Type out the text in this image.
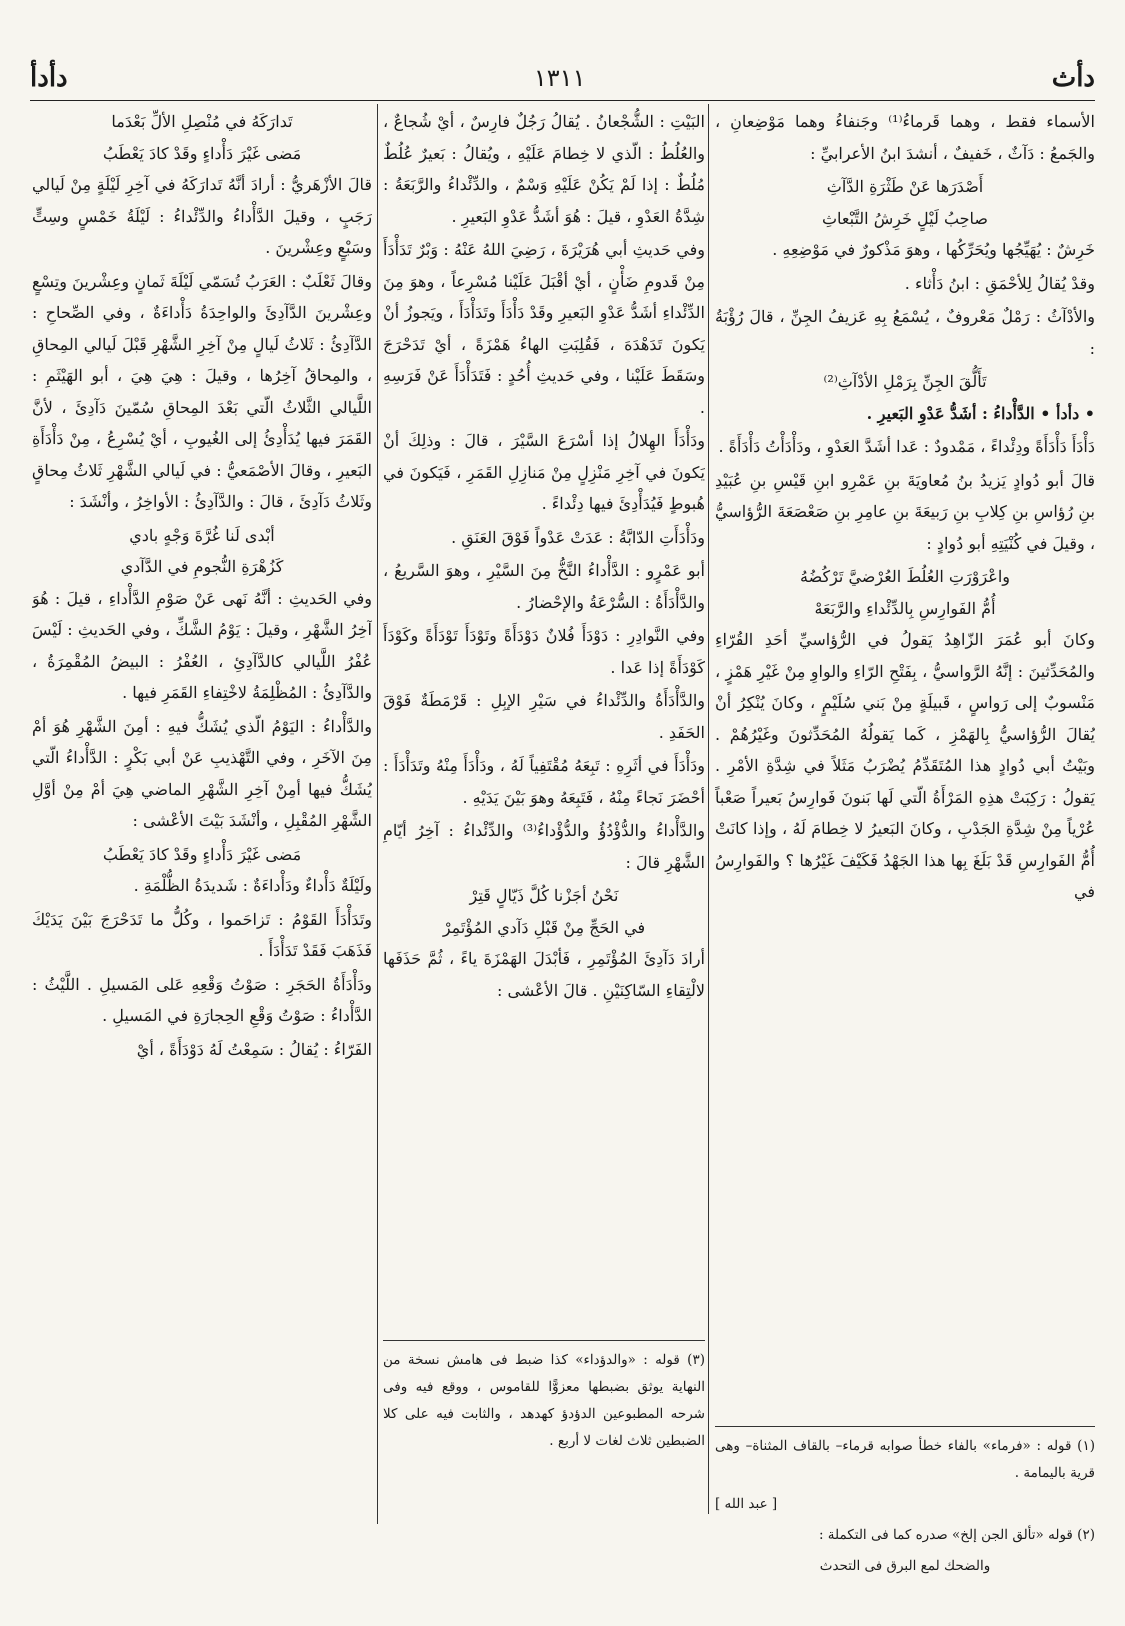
دأث
١٣١١
دأدأ

الأسماء فقط ، وهما قَرماءُ⁽¹⁾ وجَنفاءُ وهما مَوْضِعانِ ، والجَمعُ : دَآثٌ ، خَفيفٌ ، أنشدَ ابنُ الأعرابيِّ :

أَصْدَرَها عَنْ طَثْرَةِ الدَّآثِ

صاحِبُ لَيْلٍ خَرِشُ التَّبْعاثِ

خَرِشٌ : يُهَيِّجُها ويُحَرِّكُها ، وهوَ مَذْكورٌ في مَوْضِعِهِ .

وقدْ يُقالُ لِلأحْمَقِ : ابنُ دَأْثاء .

والأدْآثُ : رَمْلٌ مَعْروفٌ ، يُسْمَعُ بِهِ عَزيفُ الجِنِّ ، قالَ رُؤْبَةُ :

تَأَلُّقَ الجِنِّ بِرَمْلِ الأدْآثِ⁽²⁾

• دأدأ • الدَّأْداءُ : أشَدُّ عَدْوِ البَعيرِ .

دَأْدَأَ دَأْدَأَةً ودِئْداءً ، مَمْدودٌ : عَدا أشَدَّ العَدْوِ ، ودَأْدَأْتُ دَأْدَأَةً .

قالَ أبو دُوادٍ يَزيدُ بنُ مُعاويَةَ بنِ عَمْرِو ابنِ قَيْسِ بنِ عُبَيْدِ بنِ رُؤاسِ بنِ كِلابِ بنِ رَبيعَةَ بنِ عامِرِ بنِ صَعْصَعَةَ الرُّؤاسيُّ ، وقيلَ في كُنْيَتِهِ أبو دُوادٍ :

واعْرَوْرَتِ العُلُطَ العُرْضيَّ تَرْكُضُهُ

أُمُّ الفَوارِسِ بِالدِّئْداءِ والرَّبَعَهْ

وكانَ أبو عُمَرَ الزّاهِدُ يَقولُ في الرُّؤاسيِّ أحَدِ القُرّاءِ والمُحَدِّثينَ : إنَّهُ الرَّواسيُّ ، بِفَتْحِ الرّاءِ والواوِ مِنْ غَيْرِ هَمْزٍ ، مَنْسوبٌ إلى رَواسٍ ، قَبيلَةٍ مِنْ بَني سُلَيْمٍ ، وكانَ يُنْكِرُ أنْ يُقالَ الرُّؤاسيُّ بِالهَمْزِ ، كَما يَقولُهُ المُحَدِّثونَ وغَيْرُهُمْ . وبَيْتُ أبي دُوادٍ هذا المُتَقَدِّمُ يُضْرَبُ مَثَلاً في شِدَّةِ الأمْرِ . يَقولُ : رَكِبَتْ هذِهِ المَرْأَةُ الّتي لَها بَنونَ فَوارِسُ بَعيراً صَعْباً عُرْياً مِنْ شِدَّةِ الجَدْبِ ، وكانَ البَعيرُ لا خِطامَ لَهُ ، وإذا كانَتْ أُمُّ الفَوارِسِ قَدْ بَلَغَ بِها هذا الجَهْدُ فَكَيْفَ غَيْرُها ؟ والفَوارِسُ في

(١) قوله : «فرماء» بالفاء خطأ صوابه قرماء– بالقاف المثناة– وهى قرية باليمامة .

[ عبد الله ]

(٢) قوله «تألق الجن إلخ» صدره كما فى التكملة :

والضحك لمع البرق فى التحدث

البَيْتِ : الشُّجْعانُ . يُقالُ رَجُلٌ فارِسٌ ، أيْ شُجاعٌ ، والعُلُطُ : الّذي لا خِطامَ عَلَيْهِ ، ويُقالُ : بَعيرٌ عُلُطٌ مُلُطٌ : إذا لَمْ يَكُنْ عَلَيْهِ وَسْمٌ ، والدِّئْداءُ والرَّبَعَةُ : شِدَّةُ العَدْوِ ، قيلَ : هُوَ أشَدُّ عَدْوِ البَعيرِ .

وفي حَديثِ أبي هُرَيْرَةَ ، رَضِيَ اللهُ عَنْهُ : وَبْرٌ تَدَأْدَأَ مِنْ قَدومِ ضَأْنٍ ، أيْ أقْبَلَ عَلَيْنا مُسْرِعاً ، وهوَ مِنَ الدِّئْداءِ أشَدُّ عَدْوِ البَعيرِ وقَدْ دَأْدَأَ وتَدَأْدَأَ ، ويَجوزُ أنْ يَكونَ تَدَهْدَهَ ، فَقُلِبَتِ الهاءُ هَمْزَةً ، أيْ تَدَحْرَجَ وسَقَطَ عَلَيْنا ، وفي حَديثِ أُحُدٍ : فَتَدَأْدَأَ عَنْ فَرَسِهِ .

ودَأْدَأَ الهِلالُ إذا أسْرَعَ السَّيْرَ ، قالَ : وذلِكَ أنْ يَكونَ في آخِرِ مَنْزِلٍ مِنْ مَنازِلِ القَمَرِ ، فَيَكونَ في هُبوطٍ فَيُدَأْدِئَ فيها دِئْداءً .

ودَأْدَأَتِ الدّابَّةُ : عَدَتْ عَدْواً فَوْقَ العَنَقِ .

أبو عَمْرٍو : الدَّأْداءُ النَّخُّ مِنَ السَّيْرِ ، وهوَ السَّريعُ ، والدَّأْدَأَةُ : السُّرْعَةُ والإحْضارُ .

وفي النَّوادِرِ : دَوْدَأَ فُلانٌ دَوْدَأَةً وتَوْدَأَ تَوْدَأَةً وكَوْدَأَ كَوْدَأَةً إذا عَدا .

والدَّأْدَأَةُ والدِّئْداءُ في سَيْرِ الإبِلِ : قَرْمَطَةٌ فَوْقَ الحَفَدِ .

ودَأْدَأَ في أثَرِهِ : تَبِعَهُ مُقْتَفِياً لَهُ ، ودَأْدَأَ مِنْهُ وتَدَأْدَأَ : أحْضَرَ نَجاءً مِنْهُ ، فَتَبِعَهُ وهوَ بَيْنَ يَدَيْهِ .

والدَّأْداءُ والدُّؤْدُؤُ والدُّؤْداءُ⁽³⁾ والدِّئْداءُ : آخِرُ أيّامِ الشَّهْرِ قالَ :

نَحْنُ أجَزْنا كُلَّ ذَيّالٍ قَتِرْ

في الحَجِّ مِنْ قَبْلِ دَآدي المُؤْتَمِرْ

أرادَ دَآدِئَ المُؤْتَمِرِ ، فَأبْدَلَ الهَمْزَةَ ياءً ، ثُمَّ حَذَفَها لالْتِقاءِ السّاكِنَيْنِ . قالَ الأعْشى :

(٣) قوله : «والدؤداء» كذا ضبط فى هامش نسخة من النهاية يوثق بضبطها معزوًّا للقاموس ، ووقع فيه وفى شرحه المطبوعين الدؤدؤ كهدهد ، والثابت فيه على كلا الضبطين ثلاث لغات لا أربع .

تَدارَكَهُ في مُنْصِلِ الألِّ بَعْدَما

مَضى غَيْرَ دَأْداءٍ وقَدْ كادَ يَعْطَبُ

قالَ الأزْهَريُّ : أرادَ أنَّهُ تَدارَكَهُ في آخِرِ لَيْلَةٍ مِنْ لَيالي رَجَبٍ ، وقيلَ الدَّأْداءُ والدِّئْداءُ : لَيْلَةُ خَمْسٍ وسِتٍّ وسَبْعٍ وعِشْرينَ .

وقالَ ثَعْلَبٌ : العَرَبُ تُسَمّي لَيْلَةَ ثَمانٍ وعِشْرينَ وتِسْعٍ وعِشْرينَ الدَّآدِئَ والواحِدَةُ دَأْداءَةٌ ، وفي الصِّحاحِ : الدَّآدِئُ : ثَلاثُ لَيالٍ مِنْ آخِرِ الشَّهْرِ قَبْلَ لَيالي المِحاقِ ، والمِحاقُ آخِرُها ، وقيلَ : هِيَ هِيَ ، أبو الهَيْثَمِ : اللَّيالي الثَّلاثُ الّتي بَعْدَ المِحاقِ سُمّينَ دَآدِئَ ، لأنَّ القَمَرَ فيها يُدَأْدِئُ إلى الغُيوبِ ، أيْ يُسْرِعُ ، مِنْ دَأْدَأَةِ البَعيرِ ، وقالَ الأصْمَعيُّ : في لَيالي الشَّهْرِ ثَلاثُ مِحاقٍ وثَلاثُ دَآدِئَ ، قالَ : والدَّآدِئُ : الأواخِرُ ، وأنْشَدَ :

أبْدى لَنا غُرَّةَ وَجْهٍ بادي

كَزُهْرَةِ النُّجومِ في الدَّآدي

وفي الحَديثِ : أنَّهُ نَهى عَنْ صَوْمِ الدَّأْداءِ ، قيلَ : هُوَ آخِرُ الشَّهْرِ ، وقيلَ : يَوْمُ الشَّكِّ ، وفي الحَديثِ : لَيْسَ عُفْرُ اللَّيالي كالدَّآدِئِ ، العُفْرُ : البيضُ المُقْمِرَةُ ، والدَّآدِئُ : المُظْلِمَةُ لاخْتِفاءِ القَمَرِ فيها .

والدَّأْداءُ : اليَوْمُ الّذي يُشَكُّ فيهِ : أمِنَ الشَّهْرِ هُوَ أمْ مِنَ الآخَرِ ، وفي التَّهْذيبِ عَنْ أبي بَكْرٍ : الدَّأْداءُ الّتي يُشَكُّ فيها أمِنْ آخِرِ الشَّهْرِ الماضي هِيَ أمْ مِنْ أوَّلِ الشَّهْرِ المُقْبِلِ ، وأنْشَدَ بَيْتَ الأعْشى :

مَضى غَيْرَ دَأْداءٍ وقَدْ كادَ يَعْطَبُ

ولَيْلَةٌ دَأْداءٌ ودَأْداءَةٌ : شَديدَةُ الظُّلْمَةِ .

وتَدَأْدَأَ القَوْمُ : تَزاحَموا ، وكُلُّ ما تَدَحْرَجَ بَيْنَ يَدَيْكَ فَذَهَبَ فَقَدْ تَدَأْدَأَ .

ودَأْدَأَةُ الحَجَرِ : صَوْتُ وَقْعِهِ عَلى المَسيلِ . اللَّيْثُ : الدَّأْداءُ : صَوْتُ وَقْعِ الحِجارَةِ في المَسيلِ .

الفَرّاءُ : يُقالُ : سَمِعْتُ لَهُ دَوْدَأَةً ، أيْ
